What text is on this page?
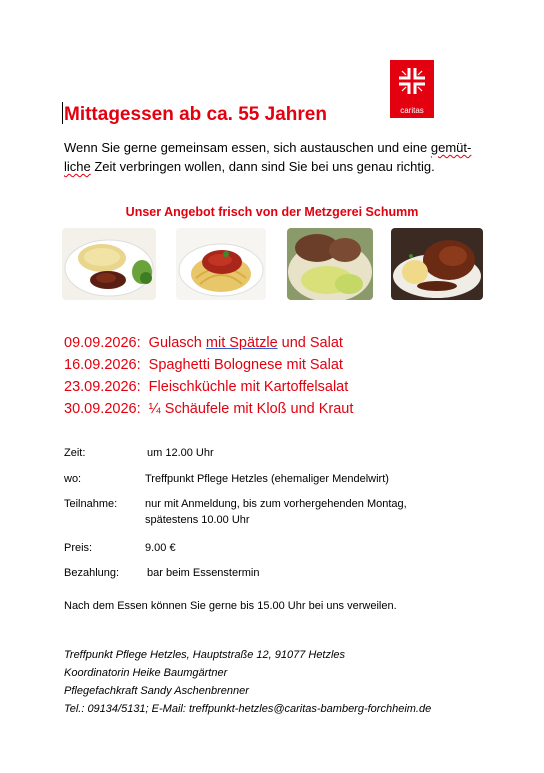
caritas
Mittagessen ab ca. 55 Jahren
Wenn Sie gerne gemeinsam essen, sich austauschen und eine gemüt-
liche Zeit verbringen wollen, dann sind Sie bei uns genau richtig.
Unser Angebot frisch von der Metzgerei Schumm
09.09.2026: Gulasch mit Spätzle und Salat
16.09.2026: Spaghetti Bolognese mit Salat
23.09.2026: Fleischküchle mit Kartoffelsalat
30.09.2026: ¼ Schäufele mit Kloß und Kraut
Zeit:	um 12.00 Uhr
wo:	Treffpunkt Pflege Hetzles (ehemaliger Mendelwirt)
Teilnahme:	nur mit Anmeldung, bis zum vorhergehenden Montag,
spätestens 10.00 Uhr
Preis:	9.00 €
Bezahlung:	bar beim Essenstermin
Nach dem Essen können Sie gerne bis 15.00 Uhr bei uns verweilen.
Treffpunkt Pflege Hetzles, Hauptstraße 12, 91077 Hetzles
Koordinatorin Heike Baumgärtner
Pflegefachkraft Sandy Aschenbrenner
Tel.: 09134/5131; E-Mail: treffpunkt-hetzles@caritas-bamberg-forchheim.de
